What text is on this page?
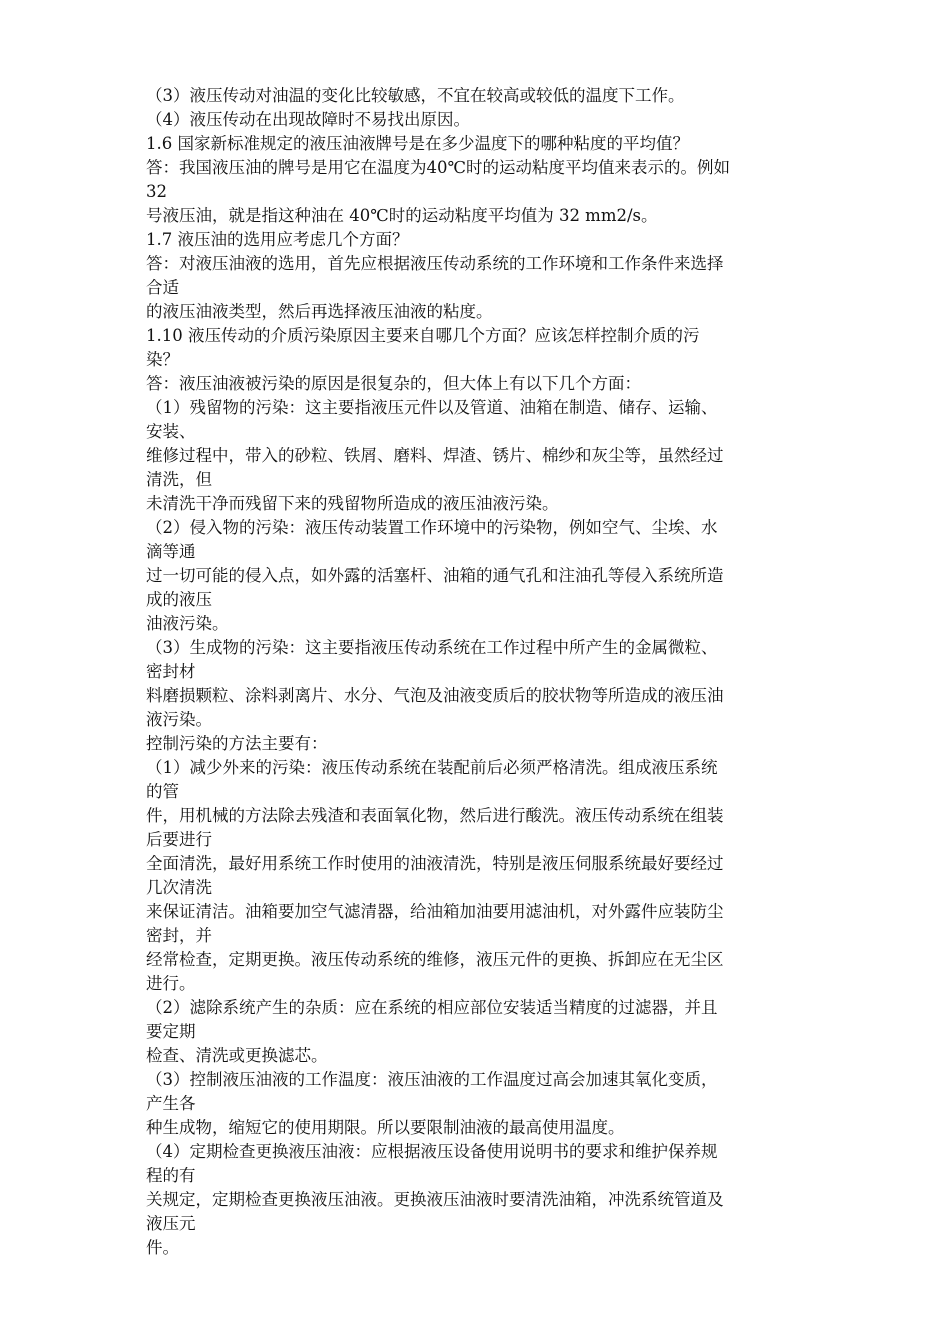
（3）液压传动对油温的变化比较敏感，不宜在较高或较低的温度下工作。
（4）液压传动在出现故障时不易找出原因。
1.6 国家新标准规定的液压油液牌号是在多少温度下的哪种粘度的平均值？
答：我国液压油的牌号是用它在温度为40℃时的运动粘度平均值来表示的。例如
32
号液压油，就是指这种油在 40℃时的运动粘度平均值为 32 mm2/s。
1.7 液压油的选用应考虑几个方面？
答：对液压油液的选用，首先应根据液压传动系统的工作环境和工作条件来选择
合适
的液压油液类型，然后再选择液压油液的粘度。
1.10 液压传动的介质污染原因主要来自哪几个方面？应该怎样控制介质的污
染？
答：液压油液被污染的原因是很复杂的，但大体上有以下几个方面：
（1）残留物的污染：这主要指液压元件以及管道、油箱在制造、储存、运输、
安装、
维修过程中，带入的砂粒、铁屑、磨料、焊渣、锈片、棉纱和灰尘等，虽然经过
清洗，但
未清洗干净而残留下来的残留物所造成的液压油液污染。
（2）侵入物的污染：液压传动装置工作环境中的污染物，例如空气、尘埃、水
滴等通
过一切可能的侵入点，如外露的活塞杆、油箱的通气孔和注油孔等侵入系统所造
成的液压
油液污染。
（3）生成物的污染：这主要指液压传动系统在工作过程中所产生的金属微粒、
密封材
料磨损颗粒、涂料剥离片、水分、气泡及油液变质后的胶状物等所造成的液压油
液污染。
控制污染的方法主要有：
（1）减少外来的污染：液压传动系统在装配前后必须严格清洗。组成液压系统
的管
件，用机械的方法除去残渣和表面氧化物，然后进行酸洗。液压传动系统在组装
后要进行
全面清洗，最好用系统工作时使用的油液清洗，特别是液压伺服系统最好要经过
几次清洗
来保证清洁。油箱要加空气滤清器，给油箱加油要用滤油机，对外露件应装防尘
密封，并
经常检查，定期更换。液压传动系统的维修，液压元件的更换、拆卸应在无尘区
进行。
（2）滤除系统产生的杂质：应在系统的相应部位安装适当精度的过滤器，并且
要定期
检查、清洗或更换滤芯。
（3）控制液压油液的工作温度：液压油液的工作温度过高会加速其氧化变质，
产生各
种生成物，缩短它的使用期限。所以要限制油液的最高使用温度。
（4）定期检查更换液压油液：应根据液压设备使用说明书的要求和维护保养规
程的有
关规定，定期检查更换液压油液。更换液压油液时要清洗油箱，冲洗系统管道及
液压元
件。
